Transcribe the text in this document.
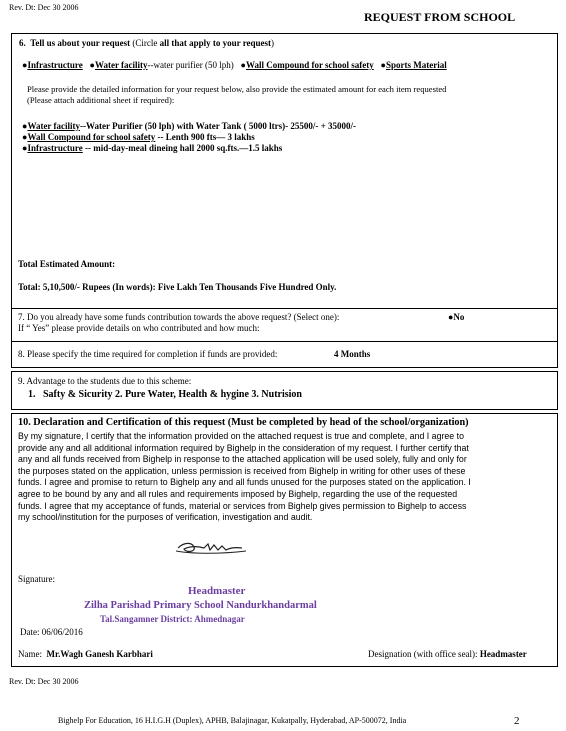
Rev. Dt: Dec 30 2006
REQUEST FROM SCHOOL
6. Tell us about your request (Circle all that apply to your request)
●Infrastructure ●Water facility--water purifier (50 lph) ●Wall Compound for school safety ●Sports Material
Please provide the detailed information for your request below, also provide the estimated amount for each item requested
(Please attach additional sheet if required):
●Water facility--Water Purifier (50 lph) with Water Tank ( 5000 ltrs)- 25500/- + 35000/-
●Wall Compound for school safety -- Lenth 900 fts— 3 lakhs
●Infrastructure -- mid-day-meal dineing hall 2000 sq.fts.—1.5 lakhs
Total Estimated Amount:
Total: 5,10,500/- Rupees (In words): Five Lakh Ten Thousands Five Hundred Only.
7. Do you already have some funds contribution towards the above request? (Select one):	●No
If “ Yes” please provide details on who contributed and how much:
8. Please specify the time required for completion if funds are provided:	4 Months
9. Advantage to the students due to this scheme:
1. Safty & Sicurity 2. Pure Water, Health & hygine 3. Nutrision
10. Declaration and Certification of this request (Must be completed by head of the school/organization)
By my signature, I certify that the information provided on the attached request is true and complete, and I agree to
provide any and all additional information required by Bighelp in the consideration of my request. I further certify that
any and all funds received from Bighelp in response to the attached application will be used solely, fully and only for
the purposes stated on the application, unless permission is received from Bighelp in writing for other uses of these
funds. I agree and promise to return to Bighelp any and all funds unused for the purposes stated on the application. I
agree to be bound by any and all rules and requirements imposed by Bighelp, regarding the use of the requested
funds. I agree that my acceptance of funds, material or services from Bighelp gives permission to Bighelp to access
my school/institution for the purposes of verification, investigation and audit.
Signature:
Headmaster
Zilha Parishad Primary School Nandurkhandarmal
Tal.Sangamner District: Ahmednagar
Date: 06/06/2016
Name: Mr.Wagh Ganesh Karbhari	Designation (with office seal): Headmaster
Rev. Dt: Dec 30 2006
Bighelp For Education, 16 H.I.G.H (Duplex), APHB, Balajinagar, Kukatpally, Hyderabad, AP-500072, India	2
